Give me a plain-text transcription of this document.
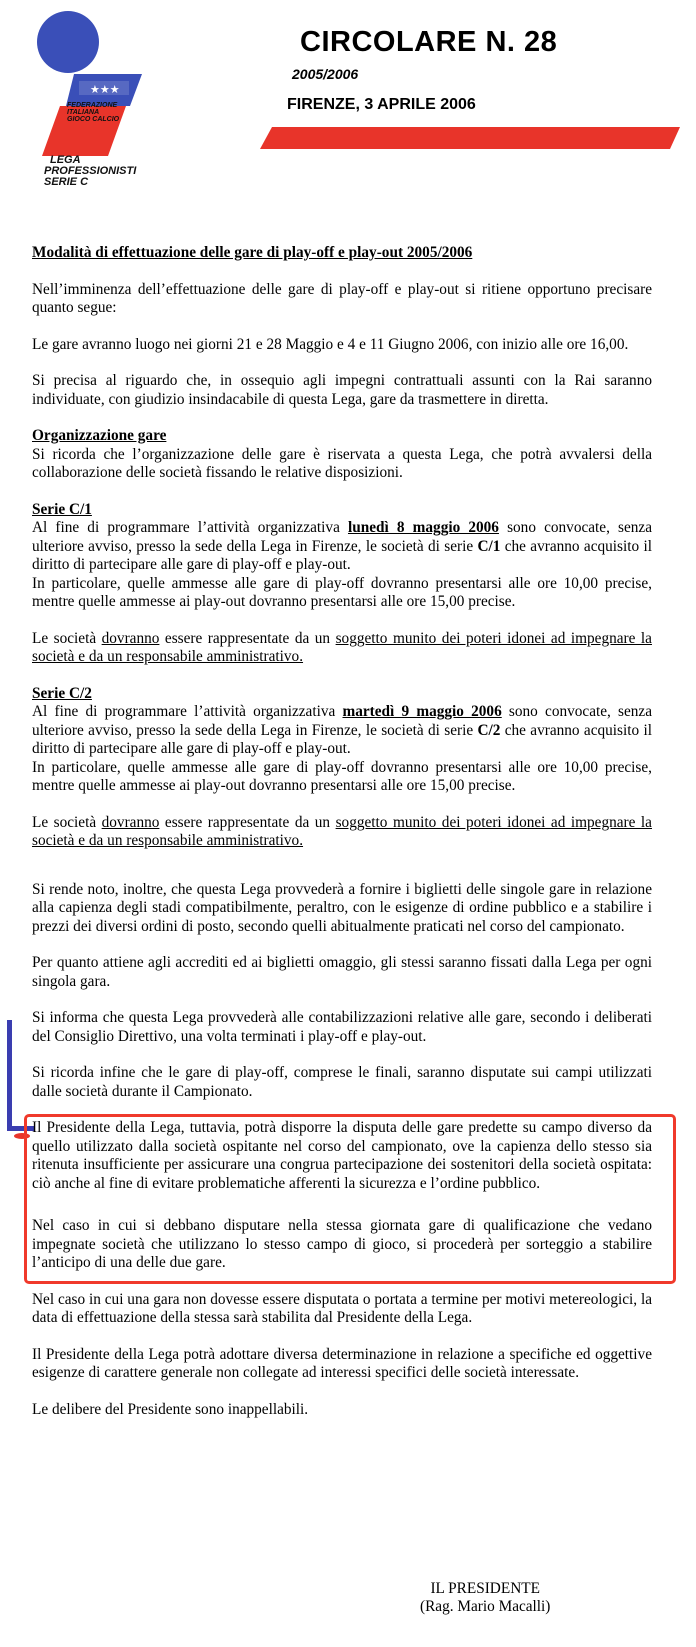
★★★
FEDERAZIONE
ITALIANA
GIOCO CALCIO
LEGA
PROFESSIONISTI
SERIE C
CIRCOLARE N. 28
2005/2006
FIRENZE, 3 APRILE 2006

Modalità di effettuazione delle gare di play-off e play-out 2005/2006

Nell’imminenza dell’effettuazione delle gare di play-off e play-out si ritiene opportuno precisare quanto segue:

Le gare avranno luogo nei giorni 21 e 28 Maggio e 4 e 11 Giugno 2006, con inizio alle ore 16,00.

Si precisa al riguardo che, in ossequio agli impegni contrattuali assunti con la Rai saranno individuate, con giudizio insindacabile di questa Lega, gare da trasmettere in diretta.

Organizzazione gare
Si ricorda che l’organizzazione delle gare è riservata a questa Lega, che potrà avvalersi della collaborazione delle società fissando le relative disposizioni.
Serie C/1
Al fine di programmare l’attività organizzativa lunedì 8 maggio 2006 sono convocate, senza ulteriore avviso, presso la sede della Lega in Firenze, le società di serie C/1 che avranno acquisito il diritto di partecipare alle gare di play-off e play-out.

In particolare, quelle ammesse alle gare di play-off dovranno presentarsi alle ore 10,00 precise, mentre quelle ammesse ai play-out dovranno presentarsi alle ore 15,00 precise.

Le società dovranno essere rappresentate da un soggetto munito dei poteri idonei ad impegnare la società e da un responsabile amministrativo.

Serie C/2
Al fine di programmare l’attività organizzativa martedì 9 maggio 2006 sono convocate, senza ulteriore avviso, presso la sede della Lega in Firenze, le società di serie C/2 che avranno acquisito il diritto di partecipare alle gare di play-off e play-out.

In particolare, quelle ammesse alle gare di play-off dovranno presentarsi alle ore 10,00 precise, mentre quelle ammesse ai play-out dovranno presentarsi alle ore 15,00 precise.

Le società dovranno essere rappresentate da un soggetto munito dei poteri idonei ad impegnare la società e da un responsabile amministrativo.

Si rende noto, inoltre, che questa Lega provvederà a fornire i biglietti delle singole gare in relazione alla capienza degli stadi compatibilmente, peraltro, con le esigenze di ordine pubblico e a stabilire i prezzi dei diversi ordini di posto, secondo quelli abitualmente praticati nel corso del campionato.

Per quanto attiene agli accrediti ed ai biglietti omaggio, gli stessi saranno fissati dalla Lega per ogni singola gara.

Si informa che questa Lega provvederà alle contabilizzazioni relative alle gare, secondo i deliberati del Consiglio Direttivo, una volta terminati i play-off e play-out.

Si ricorda infine che le gare di play-off, comprese le finali, saranno disputate sui campi utilizzati dalle società durante il Campionato.

Il Presidente della Lega, tuttavia, potrà disporre la disputa delle gare predette su campo diverso da quello utilizzato dalla società ospitante nel corso del campionato, ove la capienza dello stesso sia ritenuta insufficiente per assicurare una congrua partecipazione dei sostenitori della società ospitata: ciò anche al fine di evitare problematiche afferenti la sicurezza e l’ordine pubblico.

Nel caso in cui si debbano disputare nella stessa giornata gare di qualificazione che vedano impegnate società che utilizzano lo stesso campo di gioco, si procederà per sorteggio a stabilire l’anticipo di una delle due gare.

Nel caso in cui una gara non dovesse essere disputata o portata a termine per motivi metereologici, la data di effettuazione della stessa sarà stabilita dal Presidente della Lega.

Il Presidente della Lega potrà adottare diversa determinazione in relazione a specifiche ed oggettive esigenze di carattere generale non collegate ad interessi specifici delle società interessate.

Le delibere del Presidente sono inappellabili.

IL PRESIDENTE
(Rag. Mario Macalli)
